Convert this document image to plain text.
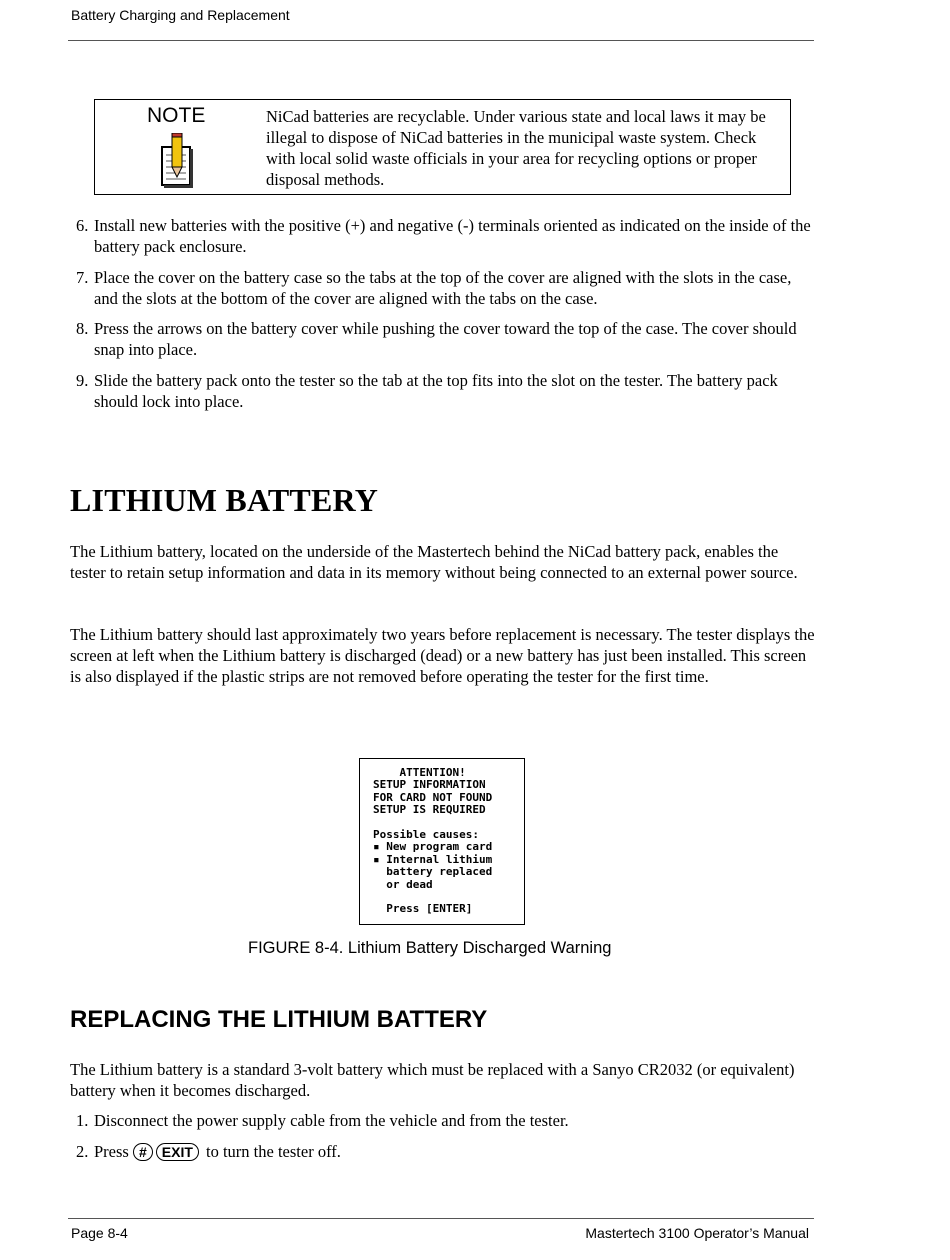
Battery Charging and Replacement
NOTE	NiCad batteries are recyclable. Under various state and local laws it may be illegal to dispose of NiCad batteries in the municipal waste system. Check with local solid waste officials in your area for recycling options or proper disposal methods.
6. Install new batteries with the positive (+) and negative (-) terminals oriented as indicated on the inside of the battery pack enclosure.
7. Place the cover on the battery case so the tabs at the top of the cover are aligned with the slots in the case, and the slots at the bottom of the cover are aligned with the tabs on the case.
8. Press the arrows on the battery cover while pushing the cover toward the top of the case. The cover should snap into place.
9. Slide the battery pack onto the tester so the tab at the top fits into the slot on the tester. The battery pack should lock into place.
LITHIUM BATTERY

The Lithium battery, located on the underside of the Mastertech behind the NiCad battery pack, enables the tester to retain setup information and data in its memory without being connected to an external power source.

The Lithium battery should last approximately two years before replacement is necessary. The tester displays the screen at left when the Lithium battery is discharged (dead) or a new battery has just been installed. This screen is also displayed if the plastic strips are not removed before operating the tester for the first time.

ATTENTION!
SETUP INFORMATION
FOR CARD NOT FOUND
SETUP IS REQUIRED

Possible causes:
▪ New program card
▪ Internal lithium
battery replaced
or dead

Press [ENTER]
FIGURE 8-4. Lithium Battery Discharged Warning
REPLACING THE LITHIUM BATTERY

The Lithium battery is a standard 3-volt battery which must be replaced with a Sanyo CR2032 (or equivalent) battery when it becomes discharged.

1. Disconnect the power supply cable from the vehicle and from the tester.
2. Press # EXIT to turn the tester off.
Page 8-4	Mastertech 3100 Operator’s Manual
